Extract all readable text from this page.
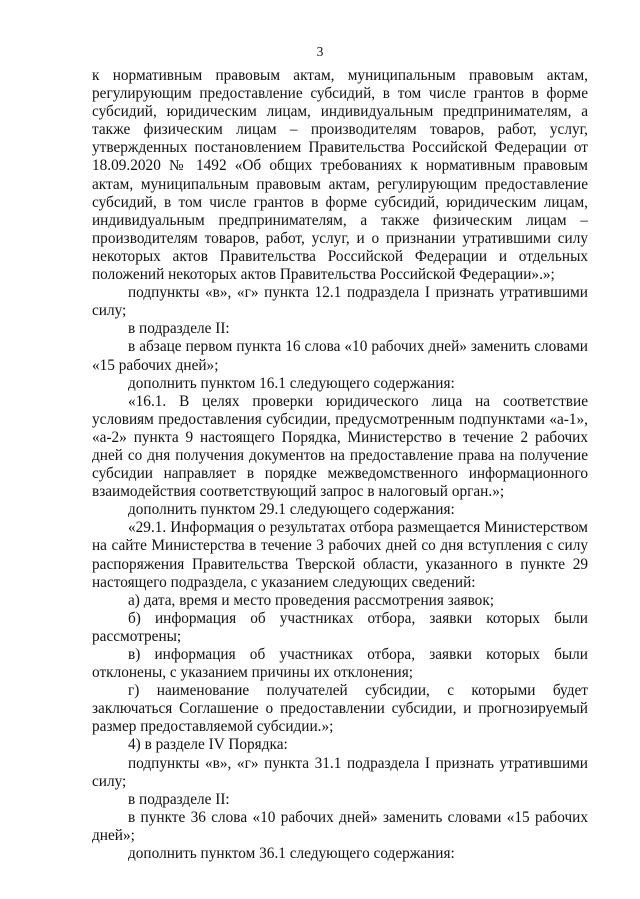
3

к нормативным правовым актам, муниципальным правовым актам, регулирующим предоставление субсидий, в том числе грантов в форме субсидий, юридическим лицам, индивидуальным предпринимателям, а также физическим лицам – производителям товаров, работ, услуг, утвержденных постановлением Правительства Российской Федерации от 18.09.2020 № 1492 «Об общих требованиях к нормативным правовым актам, муниципальным правовым актам, регулирующим предоставление субсидий, в том числе грантов в форме субсидий, юридическим лицам, индивидуальным предпринимателям, а также физическим лицам – производителям товаров, работ, услуг, и о признании утратившими силу некоторых актов Правительства Российской Федерации и отдельных положений некоторых актов Правительства Российской Федерации».»;

подпункты «в», «г» пункта 12.1 подраздела I признать утратившими силу;

в подразделе II:

в абзаце первом пункта 16 слова «10 рабочих дней» заменить словами «15 рабочих дней»;

дополнить пунктом 16.1 следующего содержания:

«16.1. В целях проверки юридического лица на соответствие условиям предоставления субсидии, предусмотренным подпунктами «а-1», «а-2» пункта 9 настоящего Порядка, Министерство в течение 2 рабочих дней со дня получения документов на предоставление права на получение субсидии направляет в порядке межведомственного информационного взаимодействия соответствующий запрос в налоговый орган.»;

дополнить пунктом 29.1 следующего содержания:

«29.1. Информация о результатах отбора размещается Министерством на сайте Министерства в течение 3 рабочих дней со дня вступления с силу распоряжения Правительства Тверской области, указанного в пункте 29 настоящего подраздела, с указанием следующих сведений:

а) дата, время и место проведения рассмотрения заявок;

б) информация об участниках отбора, заявки которых были рассмотрены;

в) информация об участниках отбора, заявки которых были отклонены, с указанием причины их отклонения;

г) наименование получателей субсидии, с которыми будет заключаться Соглашение о предоставлении субсидии, и прогнозируемый размер предоставляемой субсидии.»;

4) в разделе IV Порядка:

подпункты «в», «г» пункта 31.1 подраздела I признать утратившими силу;

в подразделе II:

в пункте 36 слова «10 рабочих дней» заменить словами «15 рабочих дней»;

дополнить пунктом 36.1 следующего содержания:
